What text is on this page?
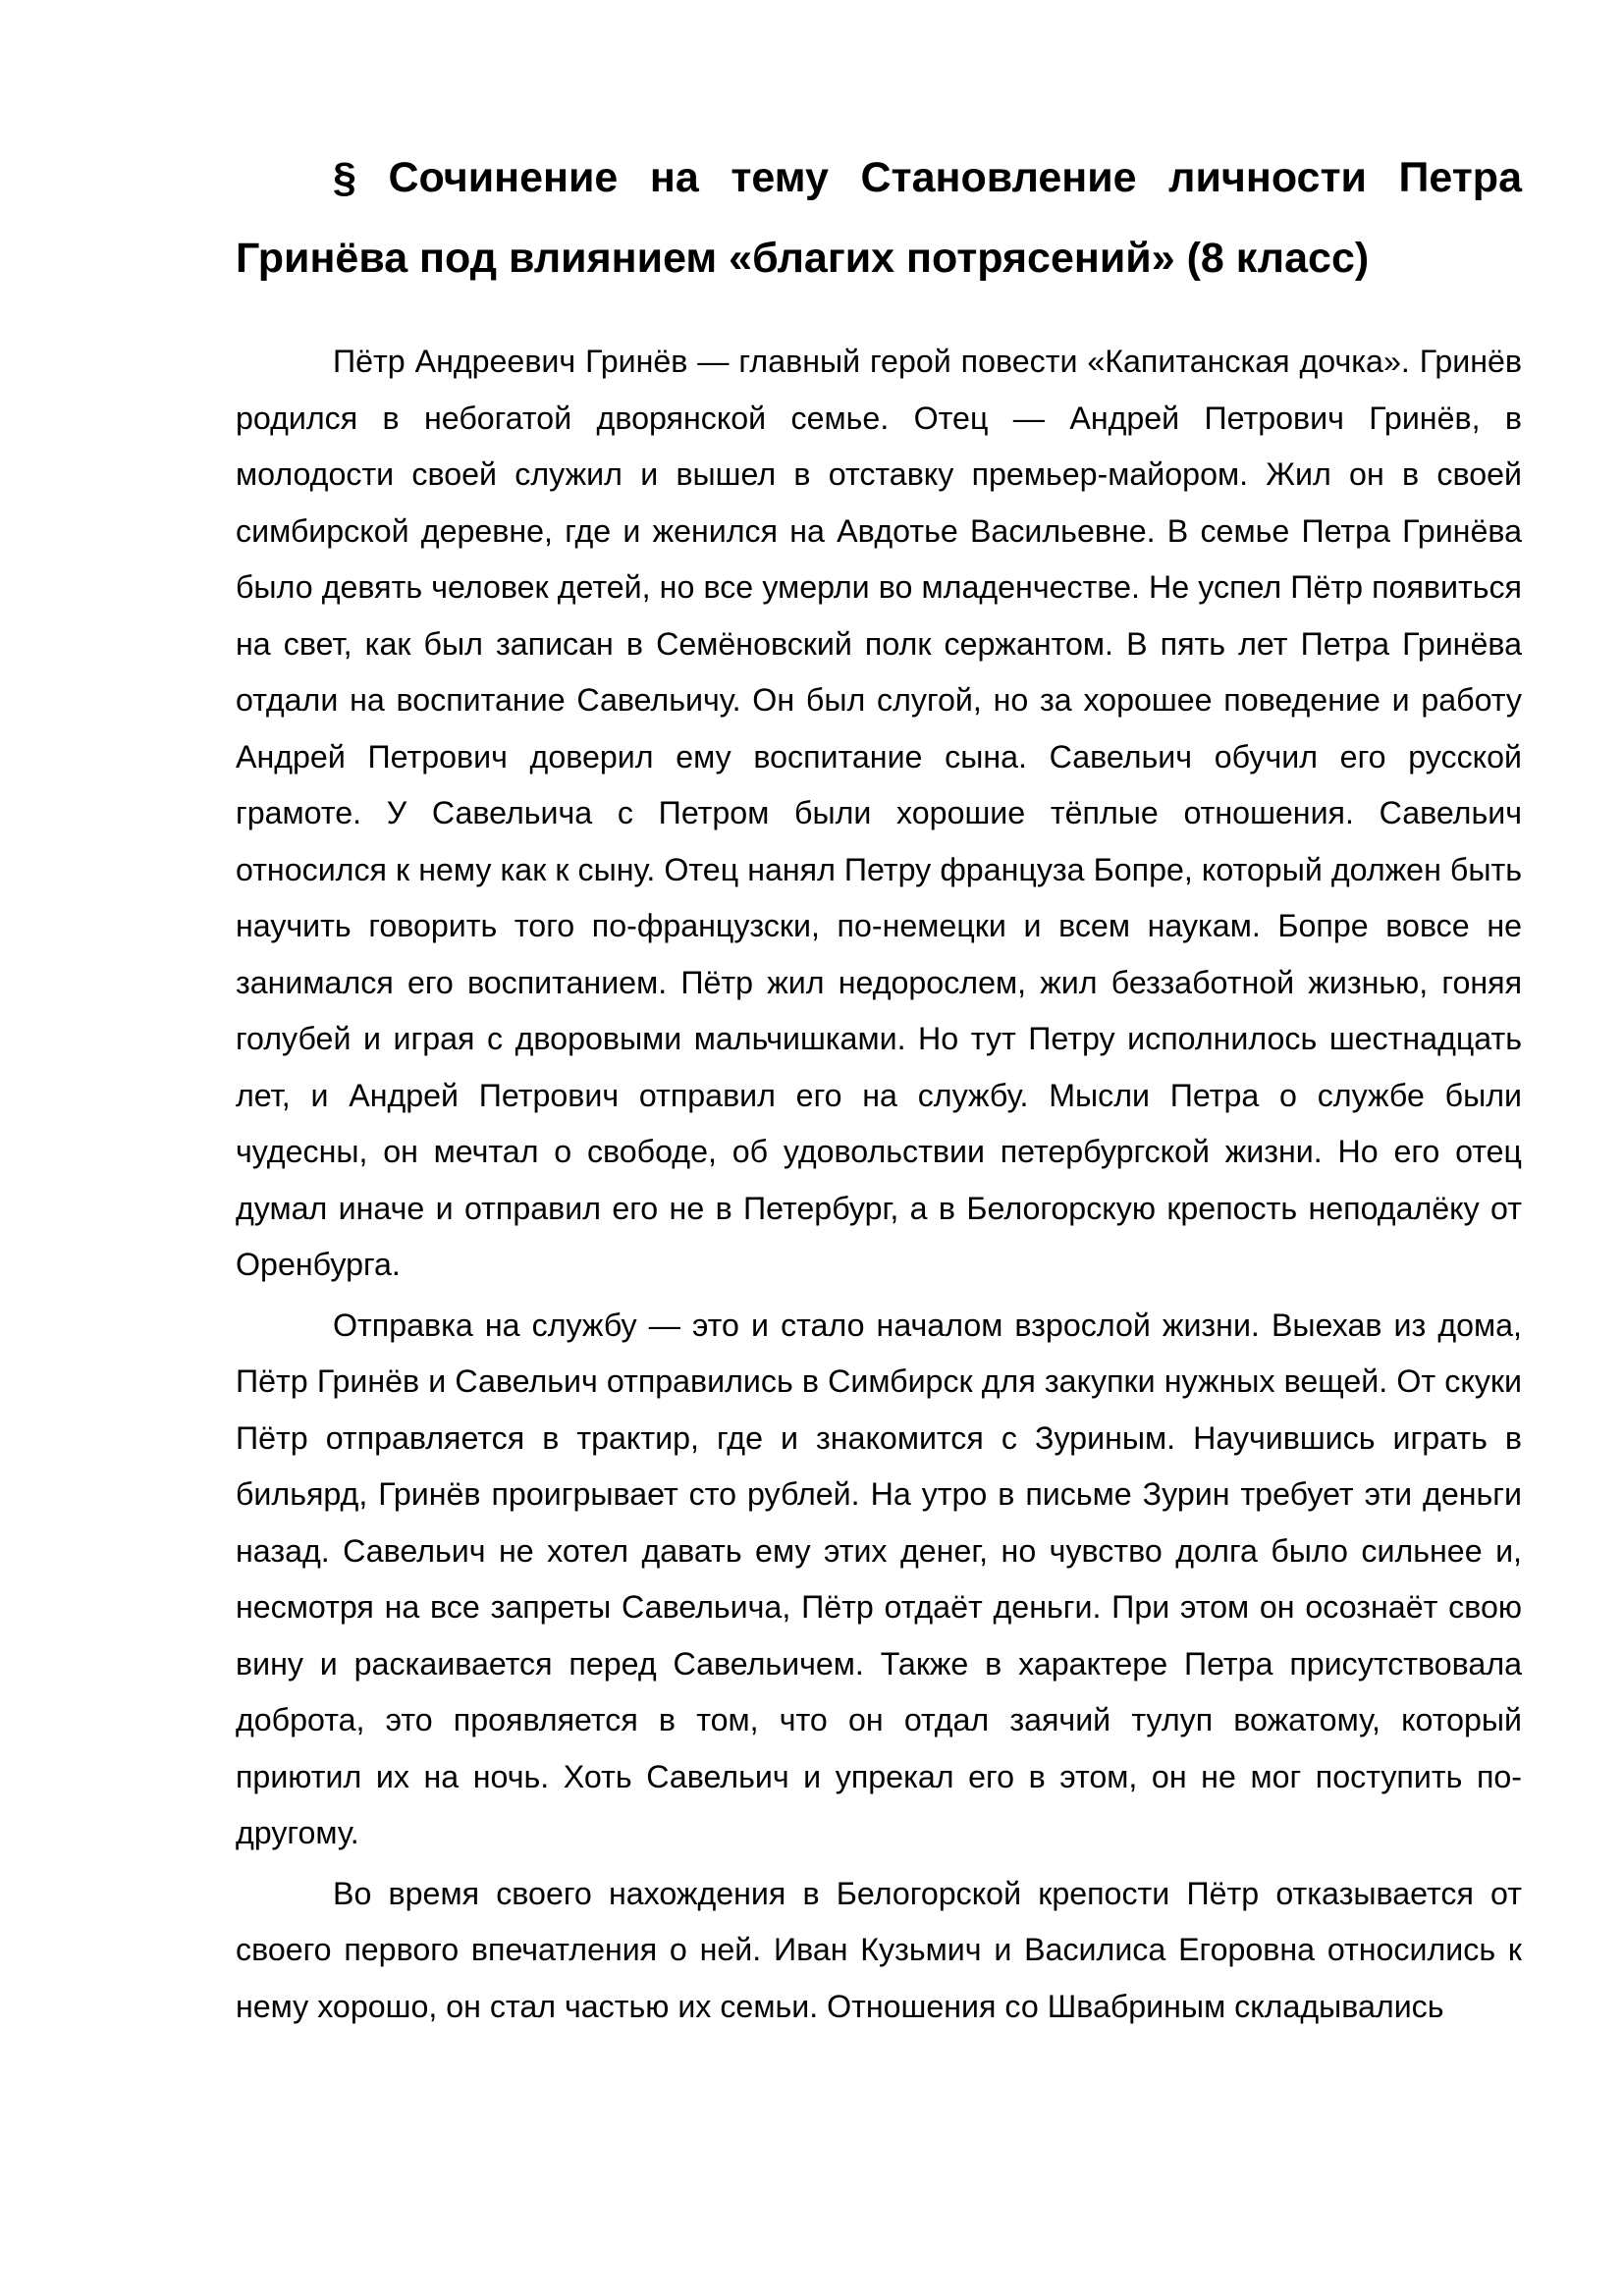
§ Сочинение на тему Становление личности Петра Гринёва под влиянием «благих потрясений» (8 класс)

Пётр Андреевич Гринёв — главный герой повести «Капитанская дочка». Гринёв родился в небогатой дворянской семье. Отец — Андрей Петрович Гринёв, в молодости своей служил и вышел в отставку премьер-майором. Жил он в своей симбирской деревне, где и женился на Авдотье Васильевне. В семье Петра Гринёва было девять человек детей, но все умерли во младенчестве. Не успел Пётр появиться на свет, как был записан в Семёновский полк сержантом. В пять лет Петра Гринёва отдали на воспитание Савельичу. Он был слугой, но за хорошее поведение и работу Андрей Петрович доверил ему воспитание сына. Савельич обучил его русской грамоте. У Савельича с Петром были хорошие тёплые отношения. Савельич относился к нему как к сыну. Отец нанял Петру француза Бопре, который должен быть научить говорить того по-французски, по-немецки и всем наукам. Бопре вовсе не занимался его воспитанием. Пётр жил недорослем, жил беззаботной жизнью, гоняя голубей и играя с дворовыми мальчишками. Но тут Петру исполнилось шестнадцать лет, и Андрей Петрович отправил его на службу. Мысли Петра о службе были чудесны, он мечтал о свободе, об удовольствии петербургской жизни. Но его отец думал иначе и отправил его не в Петербург, а в Белогорскую крепость неподалёку от Оренбурга.

Отправка на службу — это и стало началом взрослой жизни. Выехав из дома, Пётр Гринёв и Савельич отправились в Симбирск для закупки нужных вещей. От скуки Пётр отправляется в трактир, где и знакомится с Зуриным. Научившись играть в бильярд, Гринёв проигрывает сто рублей. На утро в письме Зурин требует эти деньги назад. Савельич не хотел давать ему этих денег, но чувство долга было сильнее и, несмотря на все запреты Савельича, Пётр отдаёт деньги. При этом он осознаёт свою вину и раскаивается перед Савельичем. Также в характере Петра присутствовала доброта, это проявляется в том, что он отдал заячий тулуп вожатому, который приютил их на ночь. Хоть Савельич и упрекал его в этом, он не мог поступить по-другому.

Во время своего нахождения в Белогорской крепости Пётр отказывается от своего первого впечатления о ней. Иван Кузьмич и Василиса Егоровна относились к нему хорошо, он стал частью их семьи. Отношения со Швабриным складывались
